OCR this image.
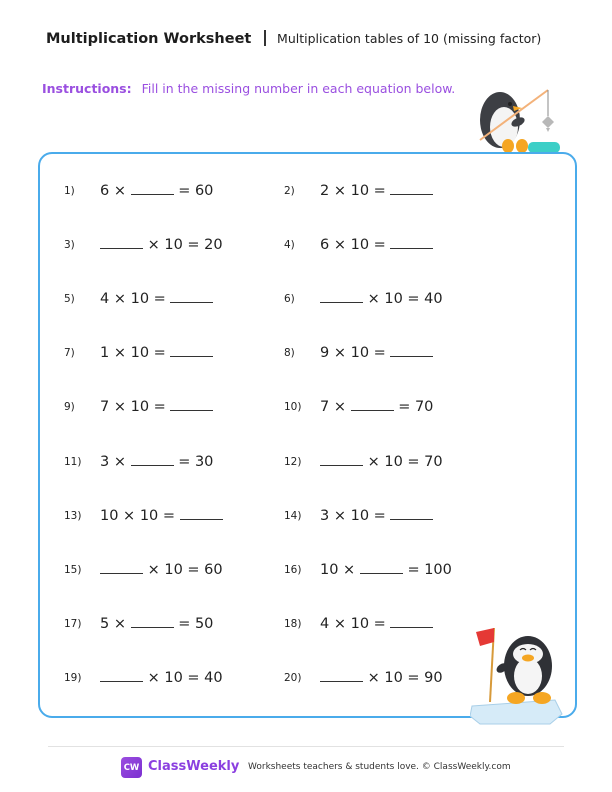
Multiplication Worksheet Multiplication tables of 10 (missing factor)
Instructions: Fill in the missing number in each equation below.
1) 6 ×	= 60	2) 2 × 10 =
3)	× 10 = 20	4) 6 × 10 =
5) 4 × 10 =	6)	× 10 = 40
7) 1 × 10 =	8) 9 × 10 =
9) 7 × 10 =	10) 7 ×	= 70
11) 3 ×	= 30	12)	× 10 = 70
13) 10 × 10 =	14) 3 × 10 =
15)	× 10 = 60	16) 10 ×	= 100
17) 5 ×	= 50	18) 4 × 10 =
19)	× 10 = 40	20)	× 10 = 90
CW ClassWeekly Worksheets teachers & students love. © ClassWeekly.com
